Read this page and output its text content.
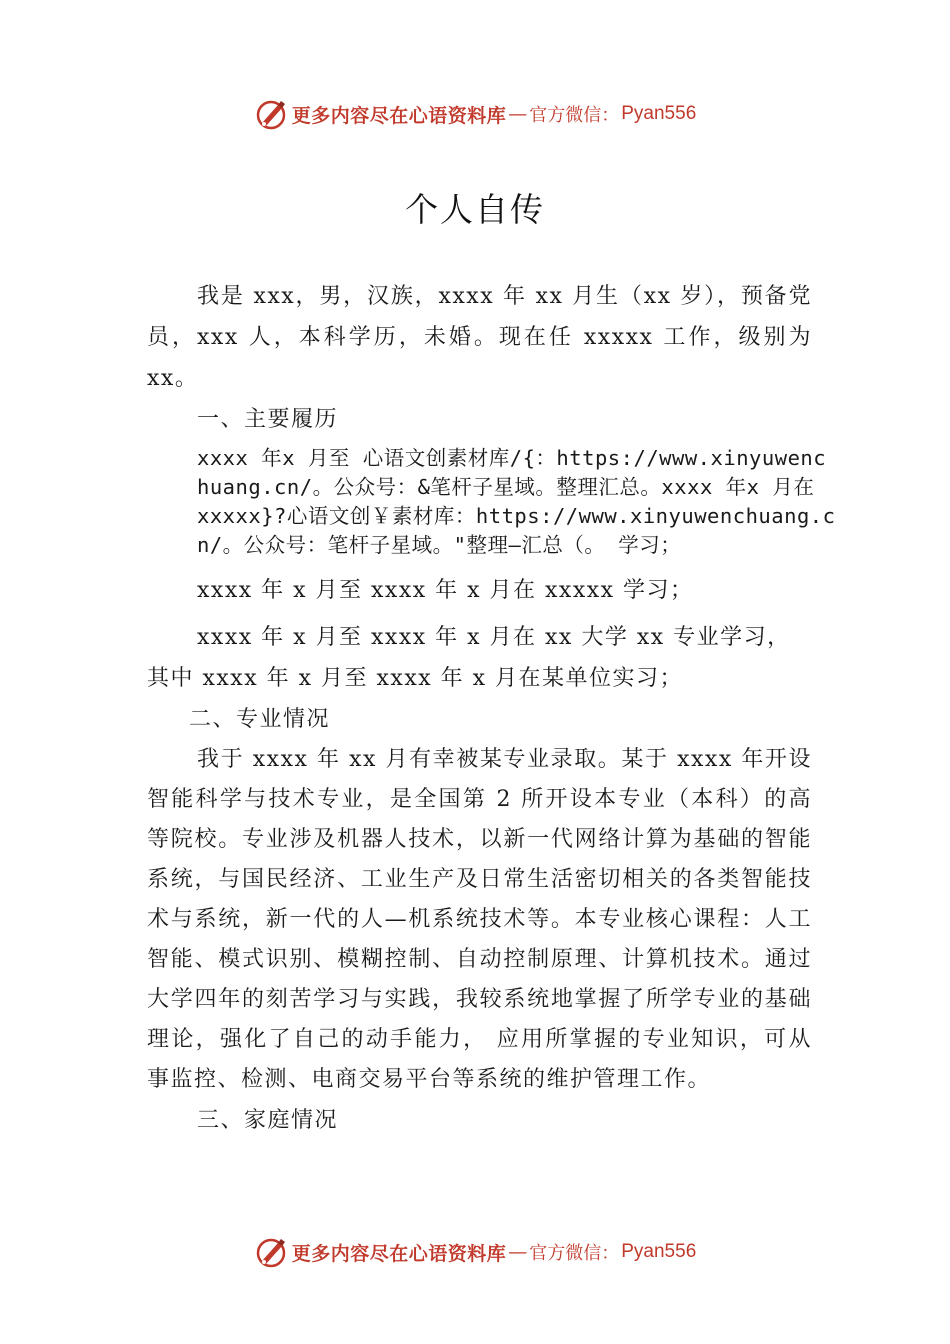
更多内容尽在心语资料库 — 官方微信： Pyan556
个人自传

我是 xxx，男，汉族，xxxx 年 xx 月生（xx 岁），预备党员，xxx 人，本科学历，未婚。现在任 xxxxx 工作，级别为 xx。

一、主要履历

xxxx 年x 月至 心语文创素材库/{：https://www.xinyuwenchuang.cn/。公众号：&笔杆子星域。整理汇总。xxxx 年x 月在 xxxxx}?心语文创￥素材库：https://www.xinyuwenchuang.cn/。公众号：笔杆子星域。"整理—汇总（。 学习；

xxxx 年 x 月至 xxxx 年 x 月在 xxxxx 学习；

xxxx 年 x 月至 xxxx 年 x 月在 xx 大学 xx 专业学习，

其中 xxxx 年 x 月至 xxxx 年 x 月在某单位实习；

二、专业情况

我于 xxxx 年 xx 月有幸被某专业录取。某于 xxxx 年开设智能科学与技术专业，是全国第 2 所开设本专业（本科）的高等院校。专业涉及机器人技术，以新一代网络计算为基础的智能系统，与国民经济、工业生产及日常生活密切相关的各类智能技术与系统，新一代的人—机系统技术等。本专业核心课程：人工智能、模式识别、模糊控制、自动控制原理、计算机技术。通过大学四年的刻苦学习与实践，我较系统地掌握了所学专业的基础理论，强化了自己的动手能力， 应用所掌握的专业知识，可从事监控、检测、电商交易平台等系统的维护管理工作。

三、家庭情况

更多内容尽在心语资料库 — 官方微信： Pyan556
